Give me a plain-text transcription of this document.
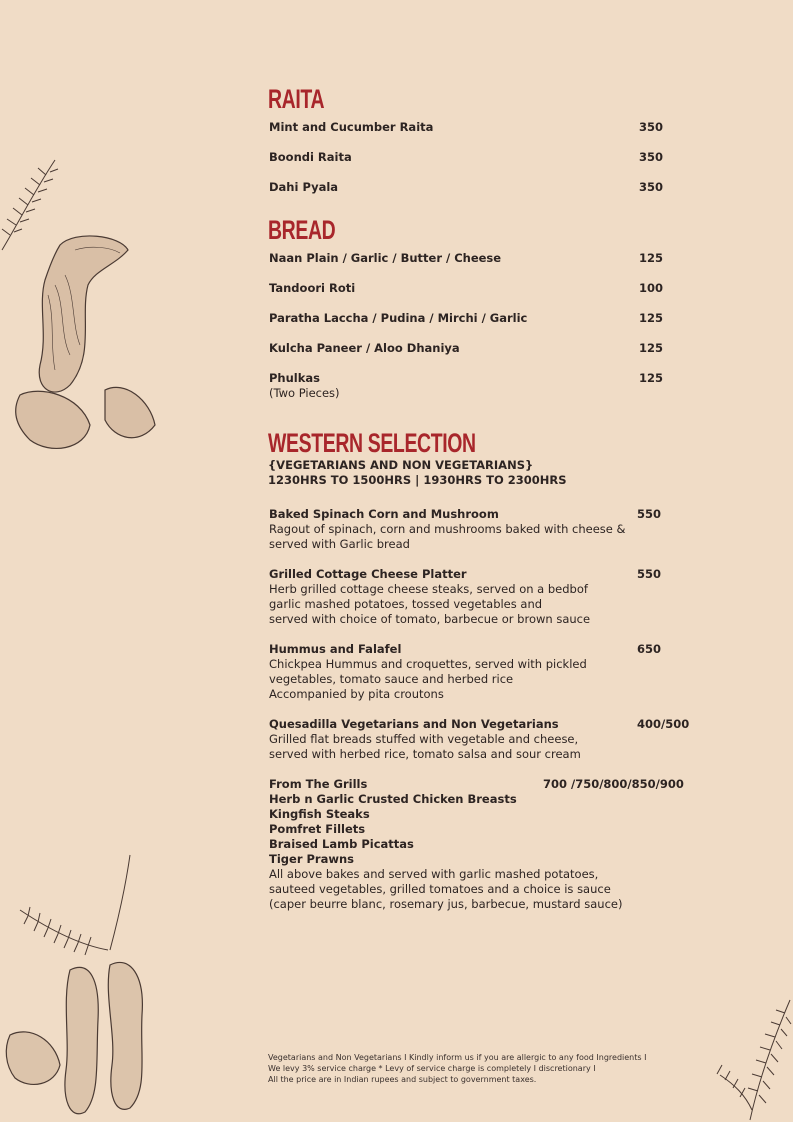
RAITA
Mint and Cucumber Raita	350
Boondi Raita	350
Dahi Pyala	350
BREAD
Naan Plain / Garlic / Butter / Cheese	125
Tandoori Roti	100
Paratha Laccha / Pudina / Mirchi / Garlic	125
Kulcha Paneer / Aloo Dhaniya	125
Phulkas	125
(Two Pieces)
WESTERN SELECTION
{VEGETARIANS AND NON VEGETARIANS}
1230HRS TO 1500HRS | 1930HRS TO 2300HRS
Baked Spinach Corn and Mushroom	550
Ragout of spinach, corn and mushrooms baked with cheese &
served with Garlic bread
Grilled Cottage Cheese Platter	550
Herb grilled cottage cheese steaks, served on a bedbof
garlic mashed potatoes, tossed vegetables and
served with choice of tomato, barbecue or brown sauce
Hummus and Falafel	650
Chickpea Hummus and croquettes, served with pickled
vegetables, tomato sauce and herbed rice
Accompanied by pita croutons
Quesadilla Vegetarians and Non Vegetarians	400/500
Grilled flat breads stuffed with vegetable and cheese,
served with herbed rice, tomato salsa and sour cream
From The Grills	700 /750/800/850/900
Herb n Garlic Crusted Chicken Breasts
Kingfish Steaks
Pomfret Fillets
Braised Lamb Picattas
Tiger Prawns
All above bakes and served with garlic mashed potatoes,
sauteed vegetables, grilled tomatoes and a choice is sauce
(caper beurre blanc, rosemary jus, barbecue, mustard sauce)
Vegetarians and Non Vegetarians I Kindly inform us if you are allergic to any food Ingredients I
We levy 3% service charge * Levy of service charge is completely I discretionary I
All the price are in Indian rupees and subject to government taxes.
